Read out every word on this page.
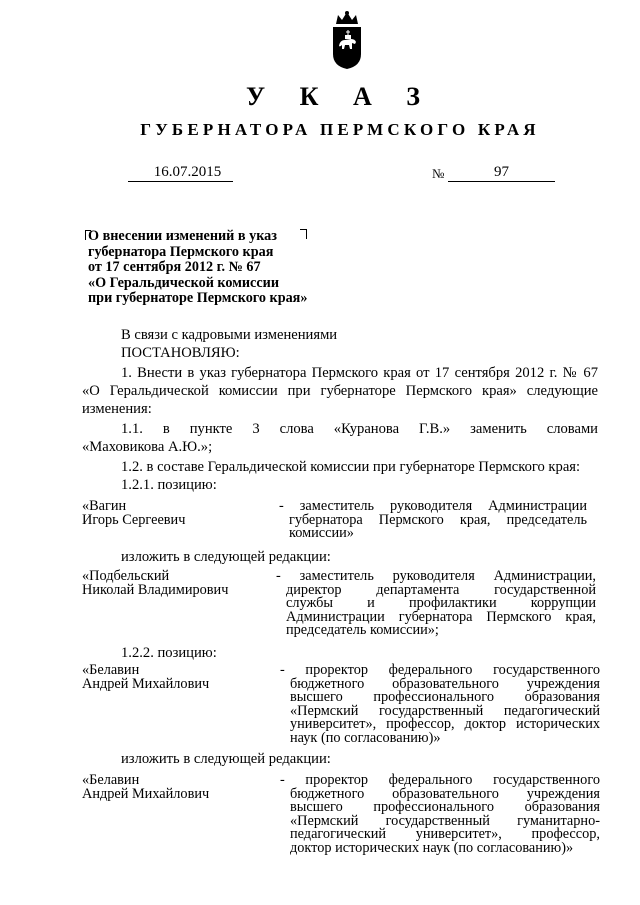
У К А З
ГУБЕРНАТОРА ПЕРМСКОГО КРАЯ
16.07.2015	№	97
О внесении изменений в указ
губернатора Пермского края
от 17 сентября 2012 г. № 67
«О Геральдической комиссии
при губернаторе Пермского края»
В связи с кадровыми изменениями
ПОСТАНОВЛЯЮ:
1. Внести в указ губернатора Пермского края от 17 сентября 2012 г. № 67
«О Геральдической комиссии при губернаторе Пермского края» следующие
изменения:
1.1. в пункте 3 слова «Куранова Г.В.» заменить словами
«Маховикова А.Ю.»;
1.2. в составе Геральдической комиссии при губернаторе Пермского края:
1.2.1. позицию:
«Вагин
Игорь Сергеевич
- заместитель руководителя Администрации
губернатора Пермского края, председатель
комиссии»
изложить в следующей редакции:
«Подбельский
Николай Владимирович
- заместитель руководителя Администрации,
директор департамента государственной
службы и профилактики коррупции
Администрации губернатора Пермского края,
председатель комиссии»;
1.2.2. позицию:
«Белавин
Андрей Михайлович
- проректор федерального государственного
бюджетного образовательного учреждения
высшего профессионального образования
«Пермский государственный педагогический
университет», профессор, доктор исторических
наук (по согласованию)»
изложить в следующей редакции:
«Белавин
Андрей Михайлович
- проректор федерального государственного
бюджетного образовательного учреждения
высшего профессионального образования
«Пермский государственный гуманитарно-
педагогический университет», профессор,
доктор исторических наук (по согласованию)»
